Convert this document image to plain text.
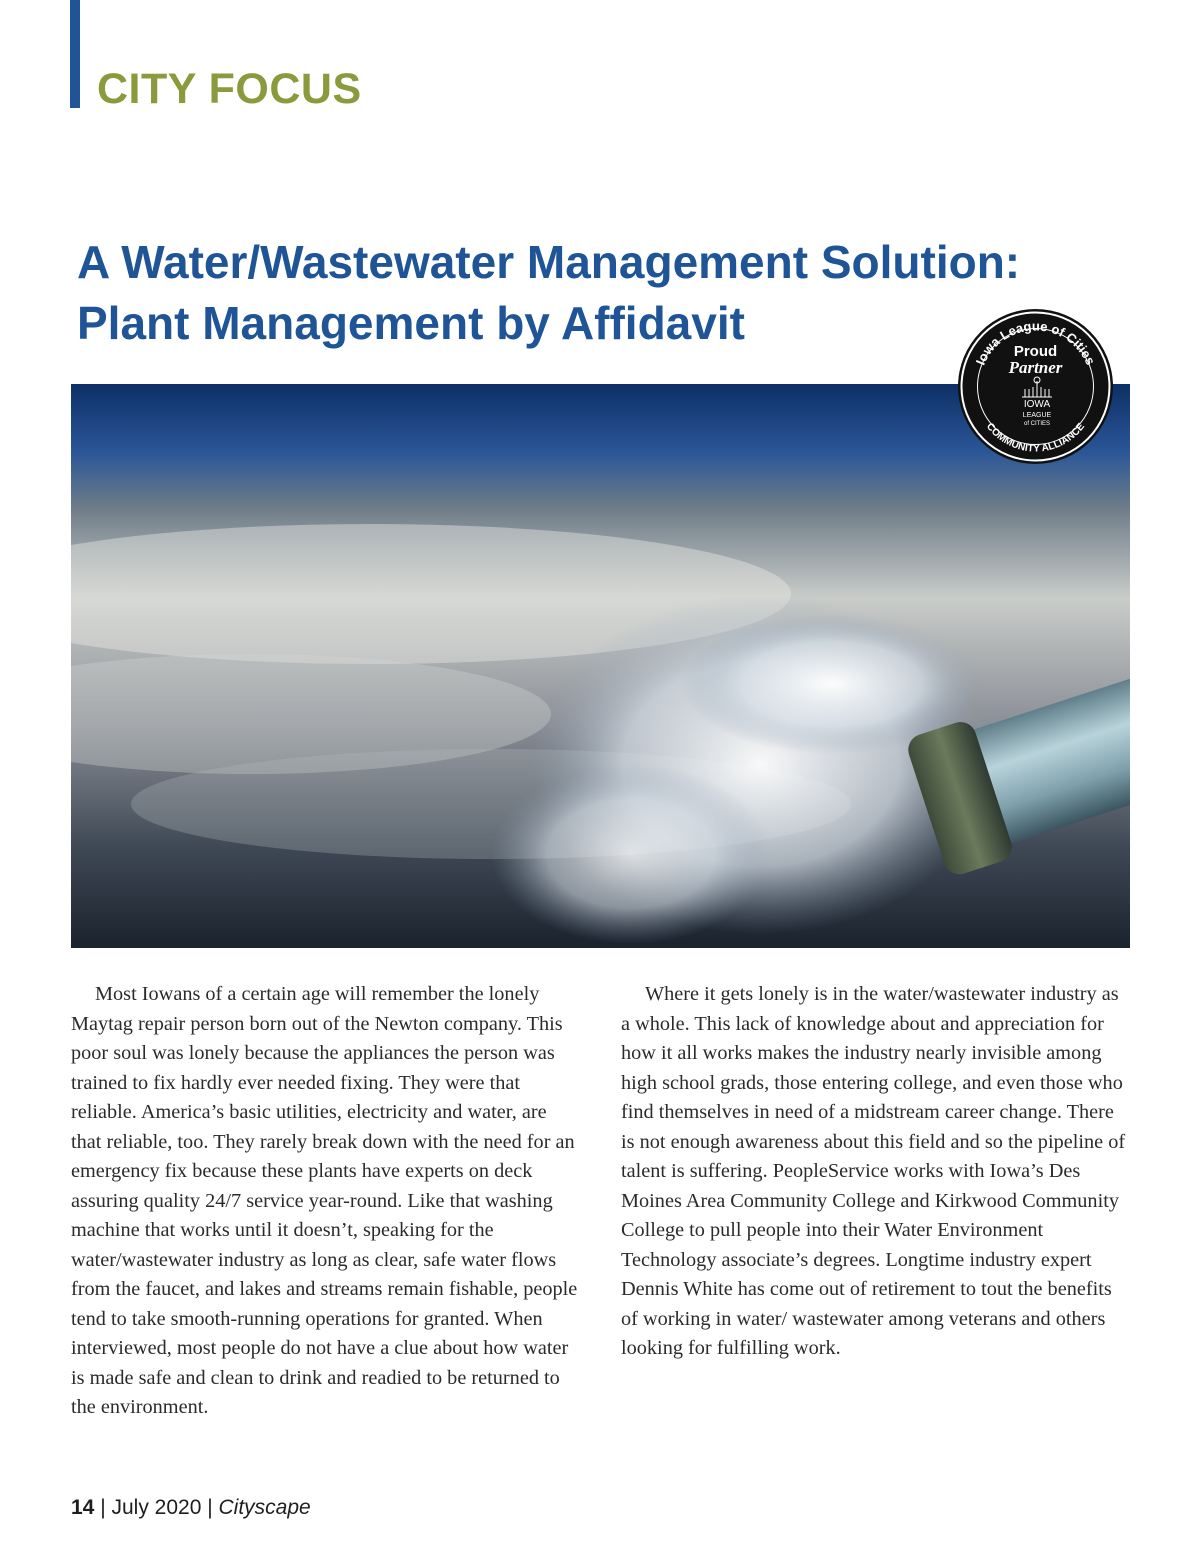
CITY FOCUS
A Water/Wastewater Management Solution:
Plant Management by Affidavit
Iowa League of Cities
COMMUNITY ALLIANCE
Proud
Partner
IOWA
LEAGUE
of CITIES

Most Iowans of a certain age will remember the lonely Maytag repair person born out of the Newton company. This poor soul was lonely because the appliances the person was trained to fix hardly ever needed fixing. They were that reliable. America’s basic utilities, electricity and water, are that reliable, too. They rarely break down with the need for an emergency fix because these plants have experts on deck assuring quality 24/7 service year-round. Like that washing machine that works until it doesn’t, speaking for the water/wastewater industry as long as clear, safe water flows from the faucet, and lakes and streams remain fishable, people tend to take smooth-running operations for granted. When interviewed, most people do not have a clue about how water is made safe and clean to drink and readied to be returned to the environment.

Where it gets lonely is in the water/wastewater industry as a whole. This lack of knowledge about and appreciation for how it all works makes the industry nearly invisible among high school grads, those entering college, and even those who find themselves in need of a midstream career change. There is not enough awareness about this field and so the pipeline of talent is suffering. PeopleService works with Iowa’s Des Moines Area Community College and Kirkwood Community College to pull people into their Water Environment Technology associate’s degrees. Longtime industry expert Dennis White has come out of retirement to tout the benefits of working in water/ wastewater among veterans and others looking for fulfilling work.

14 | July 2020 | Cityscape
